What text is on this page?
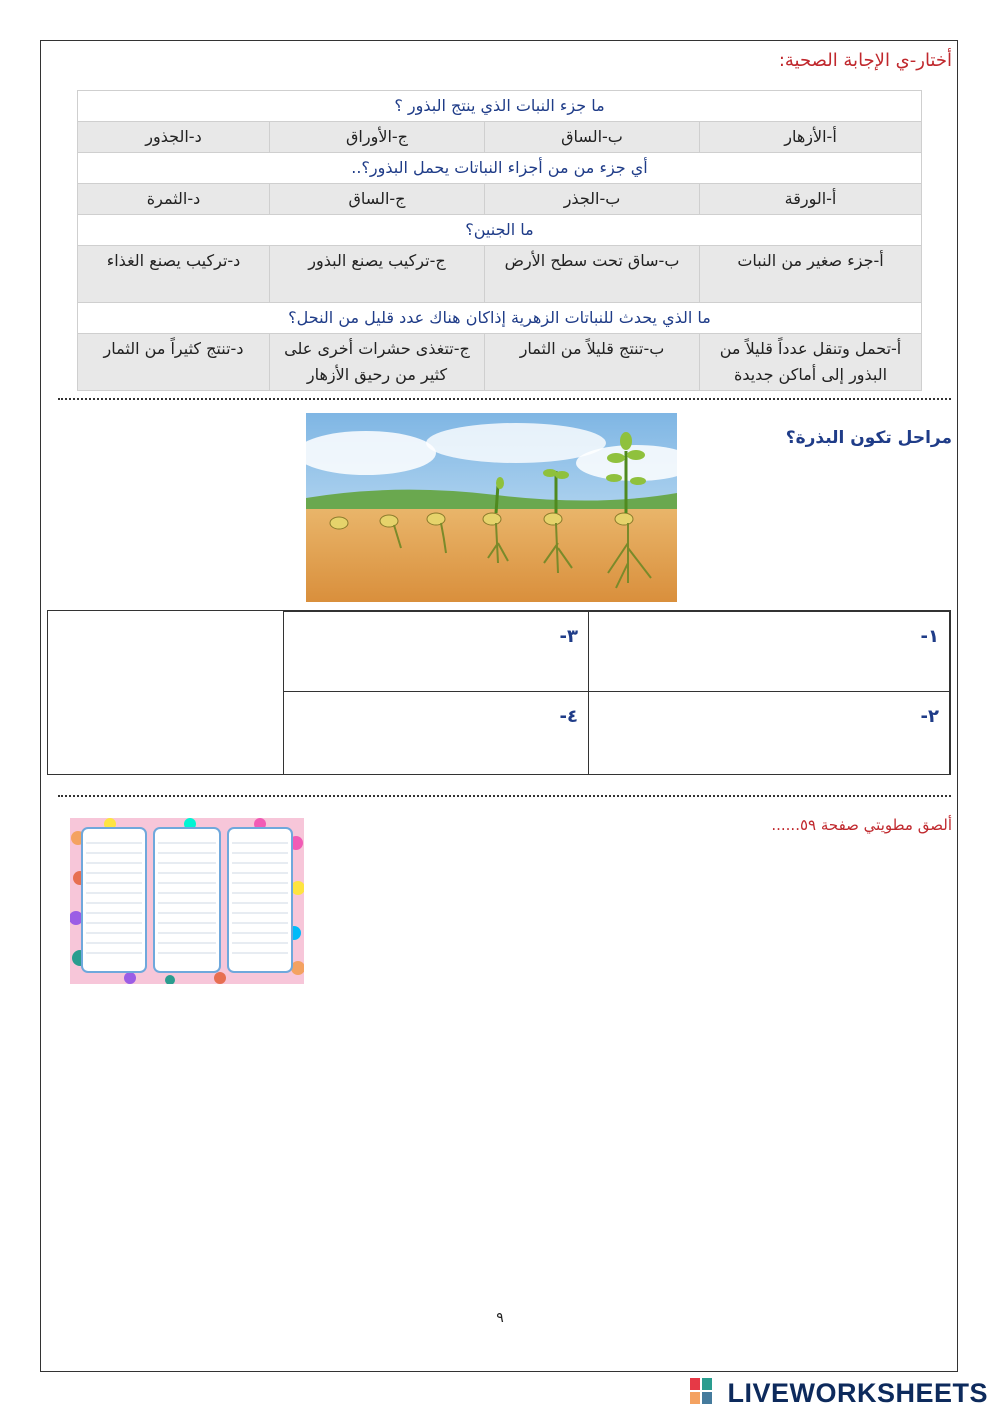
أختار-ي الإجابة الصحية:
ما جزء النبات الذي ينتج البذور ؟			
أ-الأزهار	ب-الساق	ج-الأوراق	د-الجذور
أي جزء من من أجزاء النباتات يحمل البذور؟..			
أ-الورقة	ب-الجذر	ج-الساق	د-الثمرة
ما الجنين؟			
أ-جزء صغير من النبات	ب-ساق تحت سطح الأرض	ج-تركيب يصنع البذور	د-تركيب يصنع الغذاء
ما الذي يحدث للنباتات الزهرية إذاكان هناك عدد قليل من النحل؟			
أ-تحمل وتنقل عدداً قليلاً من البذور إلى أماكن جديدة	ب-تنتج قليلاً من الثمار	ج-تتغذى حشرات أخرى على كثير من رحيق الأزهار	د-تنتج كثيراً من الثمار
مراحل تكون البذرة؟
-١
-٢
-٣
-٤
ألصق مطويتي صفحة ٥٩......
٩
LIVEWORKSHEETS
